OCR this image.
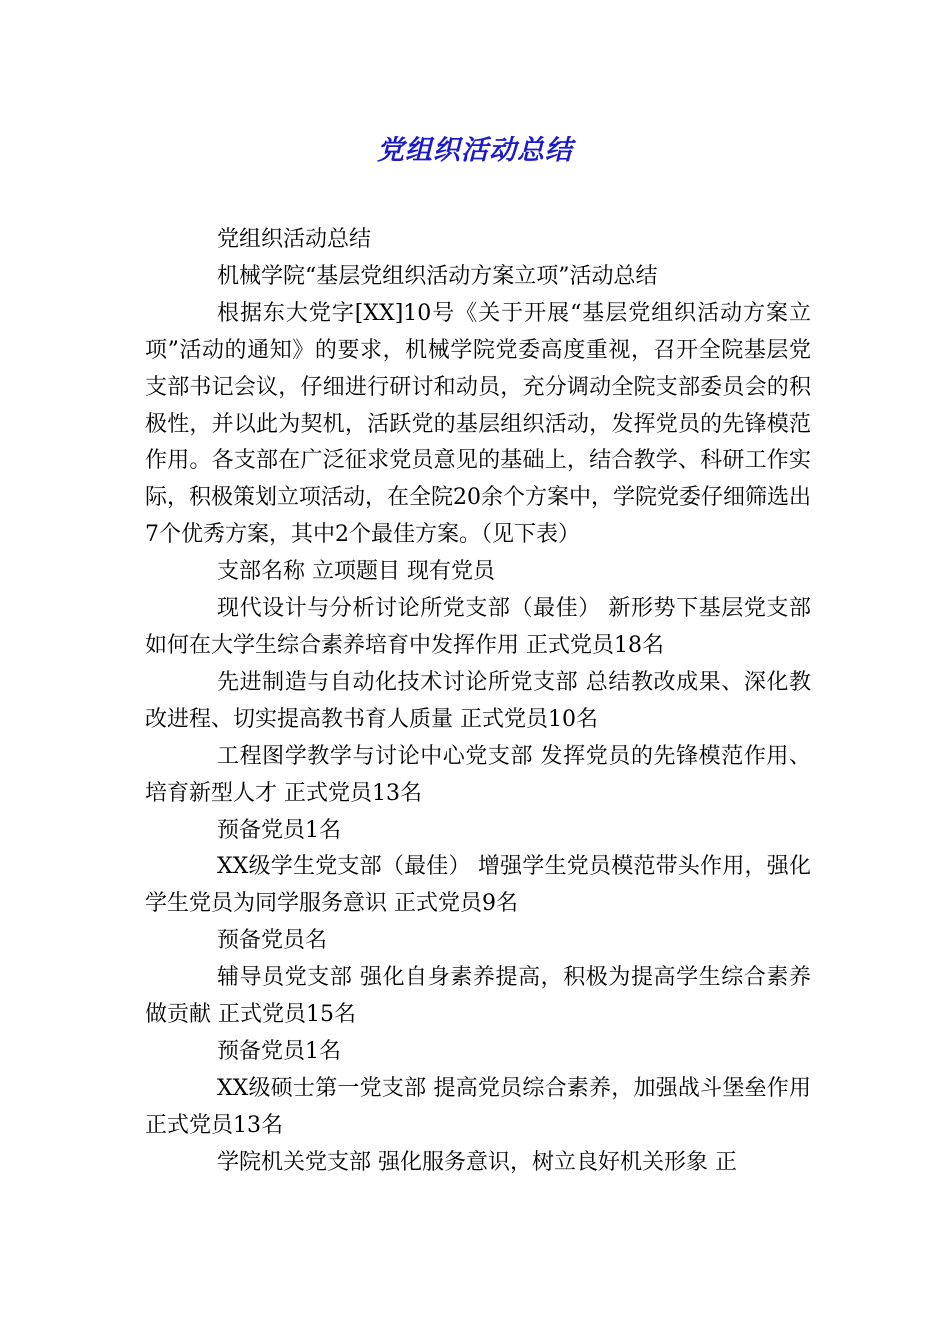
党组织活动总结

党组织活动总结

机械学院“基层党组织活动方案立项”活动总结

根据东大党字[XX]10号《关于开展“基层党组织活动方案立项”活动的通知》的要求，机械学院党委高度重视，召开全院基层党支部书记会议，仔细进行研讨和动员，充分调动全院支部委员会的积极性，并以此为契机，活跃党的基层组织活动，发挥党员的先锋模范作用。各支部在广泛征求党员意见的基础上，结合教学、科研工作实际，积极策划立项活动，在全院20余个方案中，学院党委仔细筛选出7个优秀方案，其中2个最佳方案。（见下表）

支部名称 立项题目 现有党员

现代设计与分析讨论所党支部（最佳） 新形势下基层党支部如何在大学生综合素养培育中发挥作用 正式党员18名

先进制造与自动化技术讨论所党支部 总结教改成果、深化教改进程、切实提高教书育人质量 正式党员10名

工程图学教学与讨论中心党支部 发挥党员的先锋模范作用、培育新型人才 正式党员13名

预备党员1名

XX级学生党支部（最佳） 增强学生党员模范带头作用，强化学生党员为同学服务意识 正式党员9名

预备党员名

辅导员党支部 强化自身素养提高，积极为提高学生综合素养做贡献 正式党员15名

预备党员1名

XX级硕士第一党支部 提高党员综合素养，加强战斗堡垒作用 正式党员13名

学院机关党支部 强化服务意识，树立良好机关形象 正
